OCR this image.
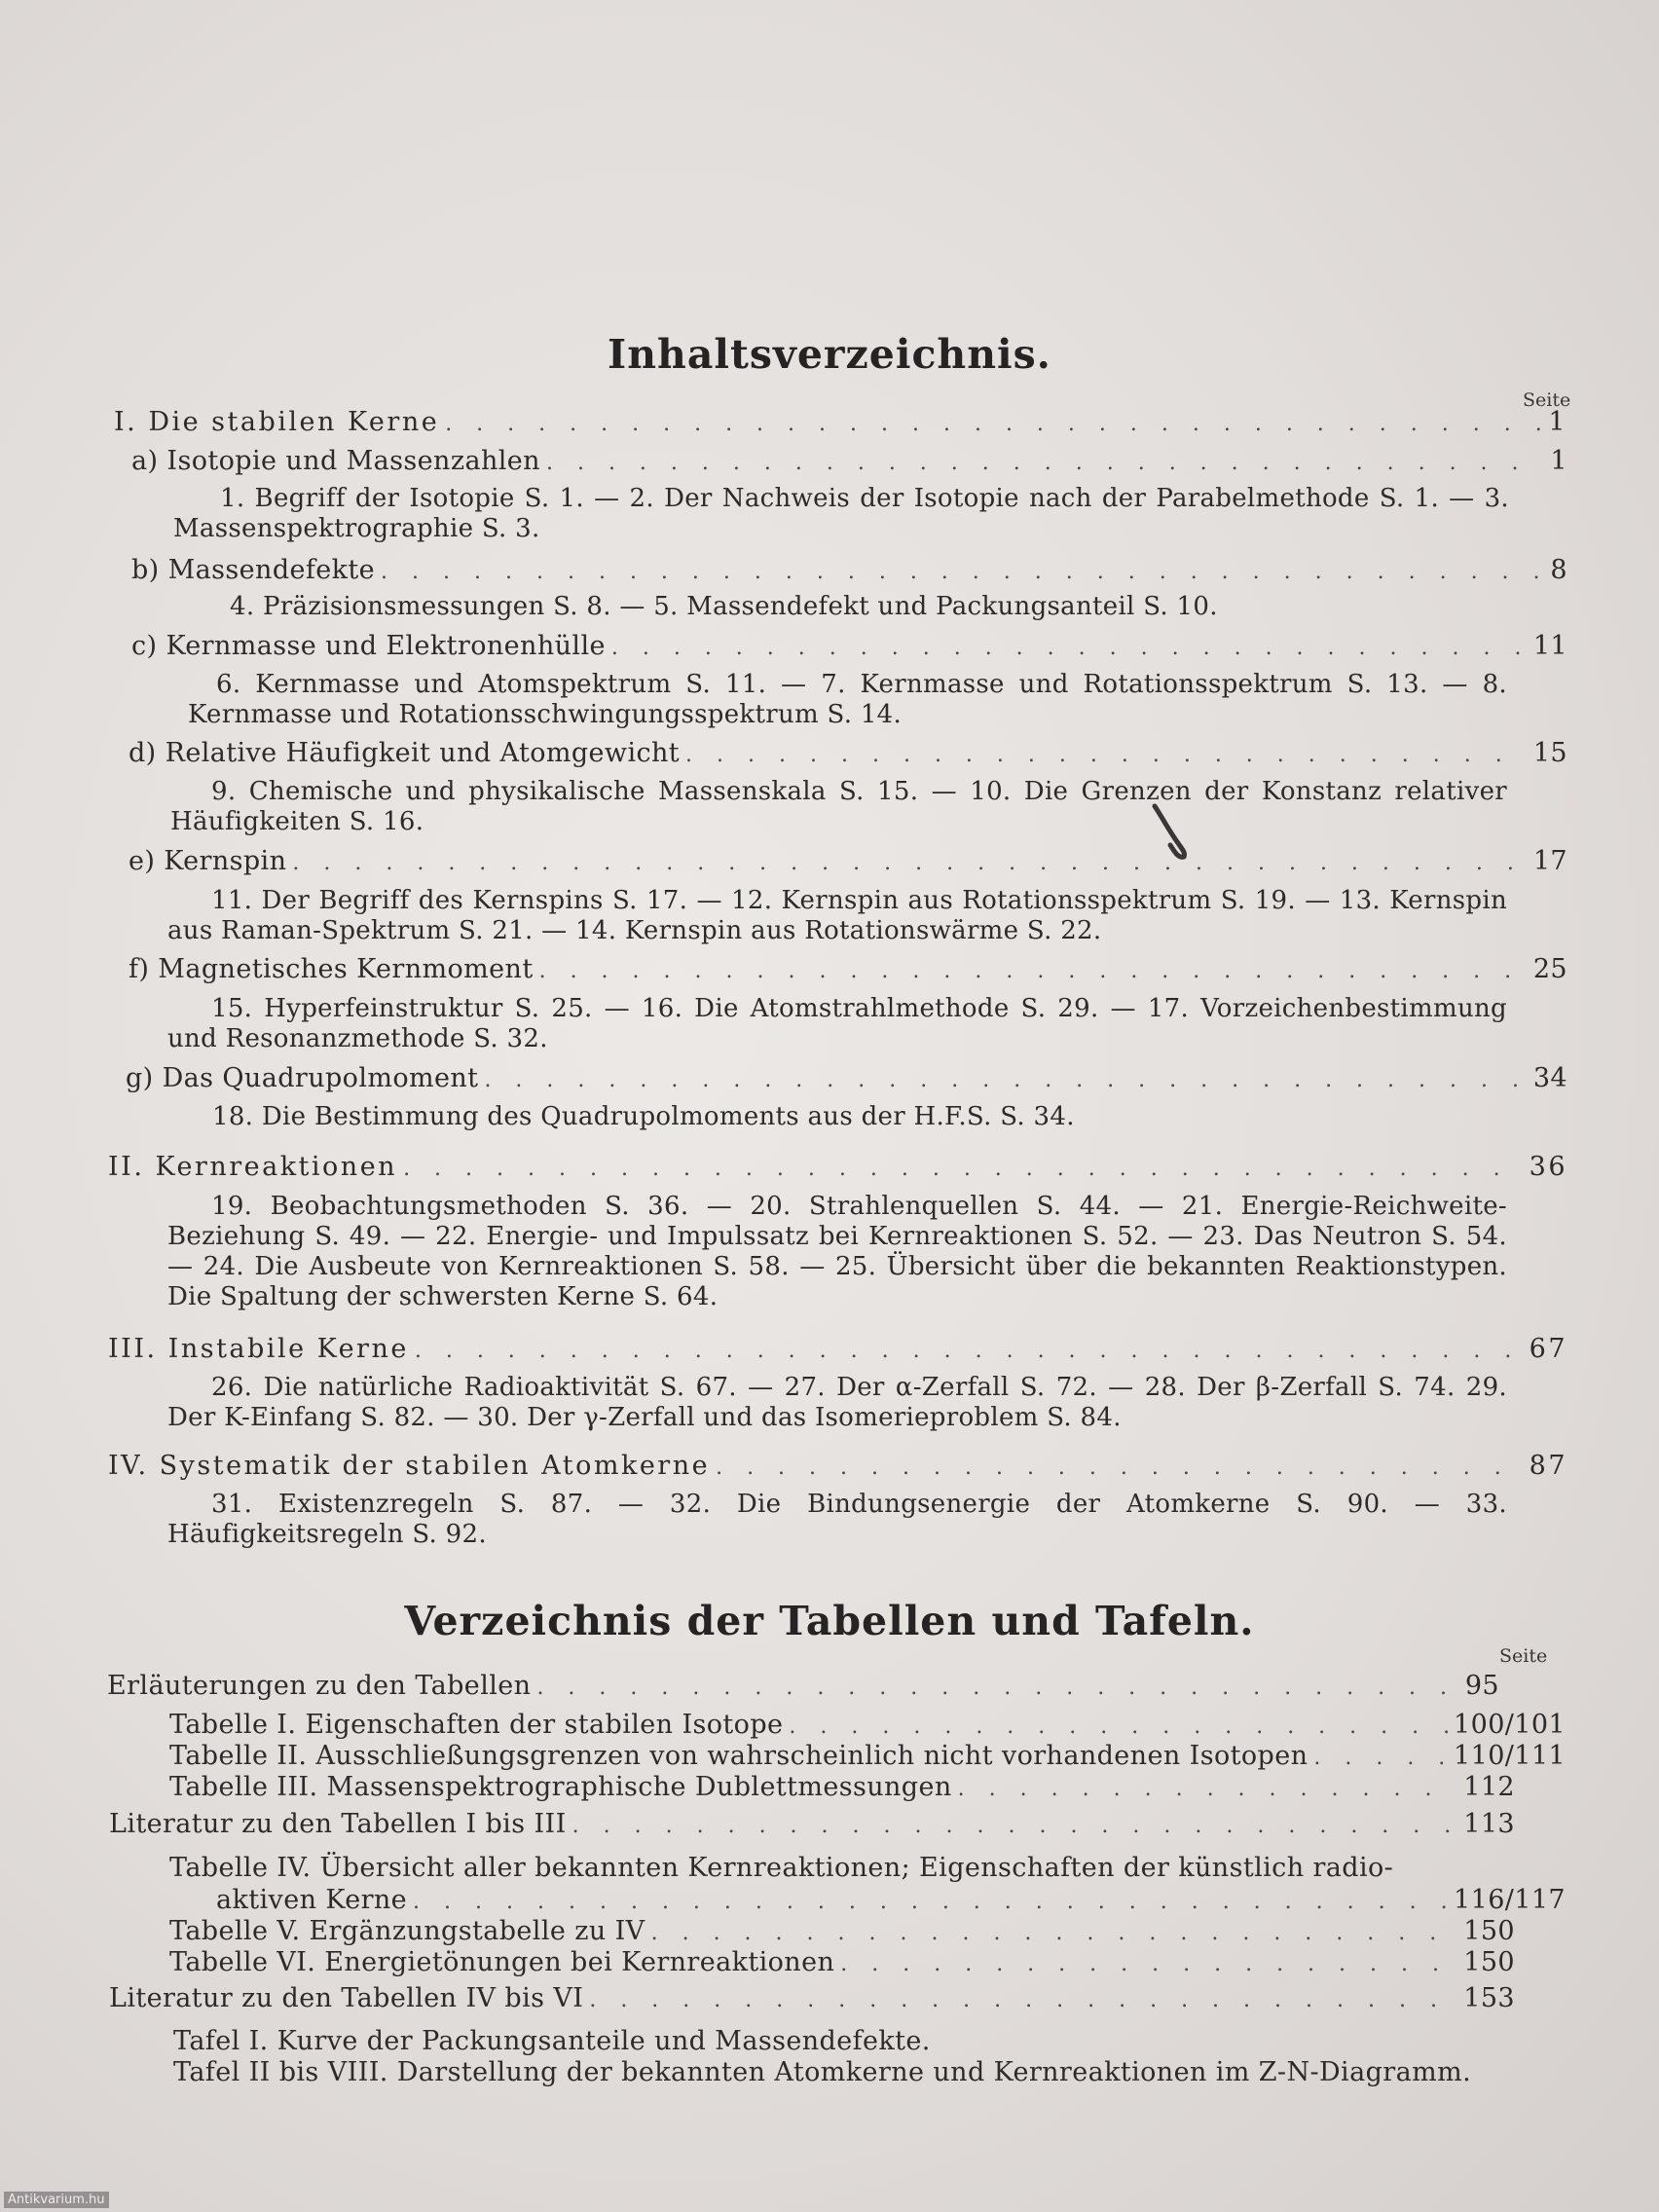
Inhaltsverzeichnis.
Seite
I. Die stabilen Kerne . . .	1
a) Isotopie und Massenzahlen . . .	1
1. Begriff der Isotopie S. 1. — 2. Der Nachweis der Isotopie nach der Parabelmethode S. 1. — 3. Massenspektrographie S. 3.
b) Massendefekte . . .	8
4. Präzisionsmessungen S. 8. — 5. Massendefekt und Packungsanteil S. 10.
c) Kernmasse und Elektronenhülle . . .	11
6. Kernmasse und Atomspektrum S. 11. — 7. Kernmasse und Rotationsspektrum S. 13. — 8. Kernmasse und Rotationsschwingungsspektrum S. 14.
d) Relative Häufigkeit und Atomgewicht . . .	15
9. Chemische und physikalische Massenskala S. 15. — 10. Die Grenzen der Konstanz relativer Häufigkeiten S. 16.
e) Kernspin . . .	17
11. Der Begriff des Kernspins S. 17. — 12. Kernspin aus Rotationsspektrum S. 19. — 13. Kernspin aus Raman-Spektrum S. 21. — 14. Kernspin aus Rotationswärme S. 22.
f) Magnetisches Kernmoment . . .	25
15. Hyperfeinstruktur S. 25. — 16. Die Atomstrahlmethode S. 29. — 17. Vorzeichenbestimmung und Resonanzmethode S. 32.
g) Das Quadrupolmoment . . .	34
18. Die Bestimmung des Quadrupolmoments aus der H.F.S. S. 34.
II. Kernreaktionen . . .	36
19. Beobachtungsmethoden S. 36. — 20. Strahlenquellen S. 44. — 21. Energie-Reichweite-Beziehung S. 49. — 22. Energie- und Impulssatz bei Kernreaktionen S. 52. — 23. Das Neutron S. 54. — 24. Die Ausbeute von Kernreaktionen S. 58. — 25. Übersicht über die bekannten Reaktionstypen. Die Spaltung der schwersten Kerne S. 64.
III. Instabile Kerne . . .	67
26. Die natürliche Radioaktivität S. 67. — 27. Der α-Zerfall S. 72. — 28. Der β-Zerfall S. 74. 29. Der K-Einfang S. 82. — 30. Der γ-Zerfall und das Isomerieproblem S. 84.
IV. Systematik der stabilen Atomkerne . . .	87
31. Existenzregeln S. 87. — 32. Die Bindungsenergie der Atomkerne S. 90. — 33. Häufigkeitsregeln S. 92.
Verzeichnis der Tabellen und Tafeln.
Seite
Erläuterungen zu den Tabellen . . .	95
Tabelle I. Eigenschaften der stabilen Isotope . . .	100/101
Tabelle II. Ausschließungsgrenzen von wahrscheinlich nicht vorhandenen Isotopen . . .	110/111
Tabelle III. Massenspektrographische Dublettmessungen . . .	112
Literatur zu den Tabellen I bis III . . .	113
Tabelle IV. Übersicht aller bekannten Kernreaktionen; Eigenschaften der künstlich radio-
aktiven Kerne . . .	116/117
Tabelle V. Ergänzungstabelle zu IV . . .	150
Tabelle VI. Energietönungen bei Kernreaktionen . . .	150
Literatur zu den Tabellen IV bis VI . . .	153
Tafel I. Kurve der Packungsanteile und Massendefekte.
Tafel II bis VIII. Darstellung der bekannten Atomkerne und Kernreaktionen im Z-N-Diagramm.
Antikvarium.hu
